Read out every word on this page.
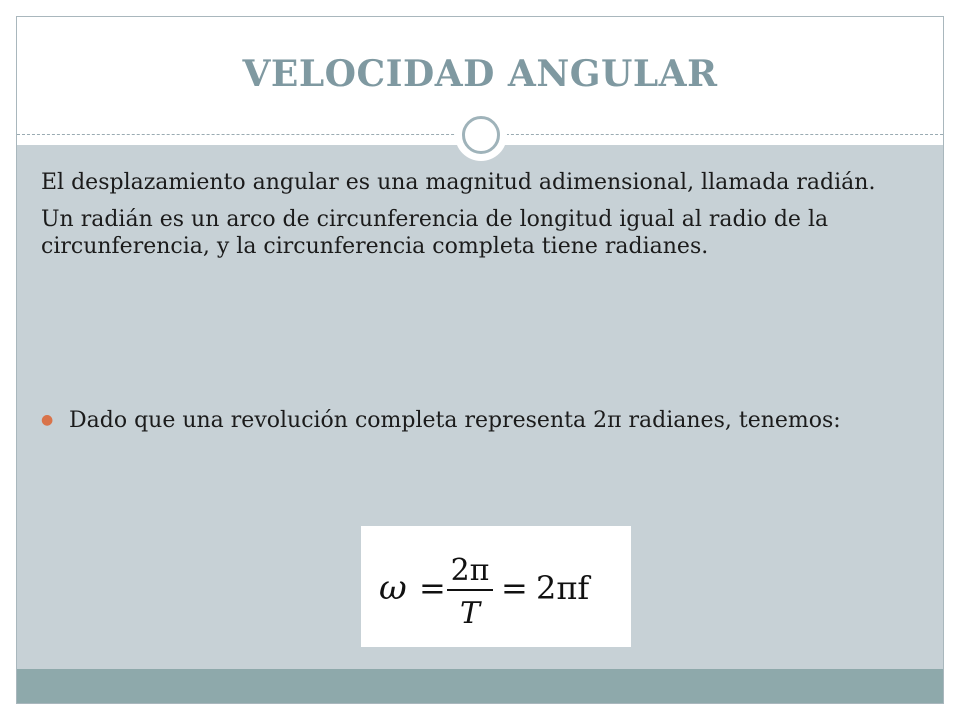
VELOCIDAD ANGULAR

El desplazamiento angular es una magnitud adimensional, llamada radián.

Un radián es un arco de circunferencia de longitud igual al radio de la circunferencia, y la circunferencia completa tiene radianes.

● Dado que una revolución completa representa 2π radianes, tenemos:
ω = 2π
T
= 2πf
